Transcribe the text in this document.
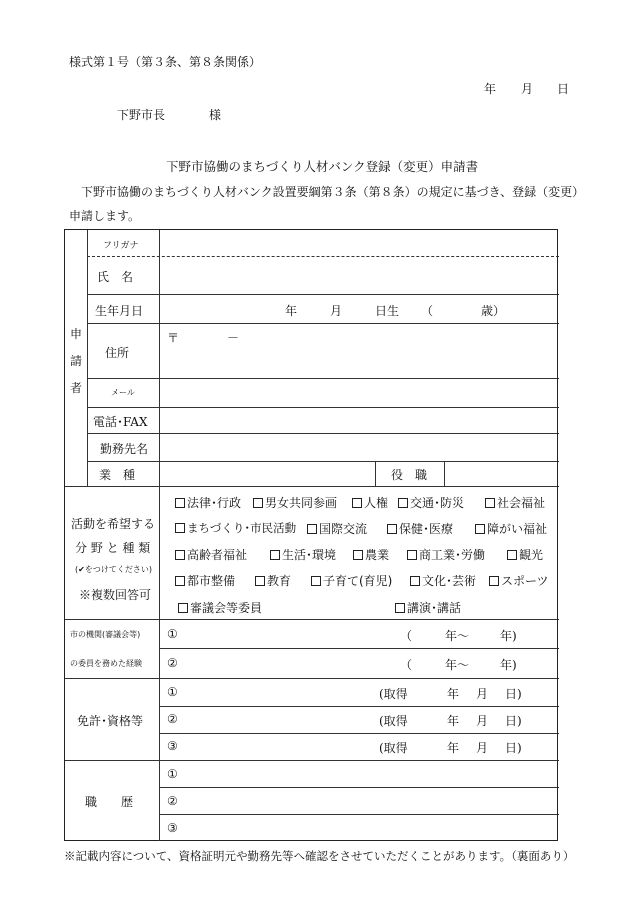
様式第１号（第３条、第８条関係）
年 月 日
下野市長	様
下野市協働のまちづくり人材バンク登録（変更）申請書
下野市協働のまちづくり人材バンク設置要綱第３条（第８条）の規定に基づき、登録（変更）
申請します。
申
請
者
フリガナ
氏　名
生年月日	年	月	日生 （	歳）
住所
〒	－
メール
電話･FAX
勤務先名
業　種	役　職
活動を希望する
分 野 と 種 類
(✔をつけてください)
※複数回答可
法律･行政	男女共同参画	人権	交通･防災	社会福祉
まちづくり･市民活動	国際交流	保健･医療	障がい福祉
高齢者福祉	生活･環境	農業	商工業･労働	観光
都市整備	教育	子育て(育児)	文化･芸術	スポーツ
審議会等委員	講演･講話
市の機関(審議会等)
の委員を務めた経験
①	（	年～	年)
②	（	年～	年)
免許･資格等
①	(取得	年 月 日)
②	(取得	年 月 日)
③	(取得	年 月 日)
職　　歴
①
②
③
※記載内容について、資格証明元や勤務先等へ確認をさせていただくことがあります。（裏面あり）
